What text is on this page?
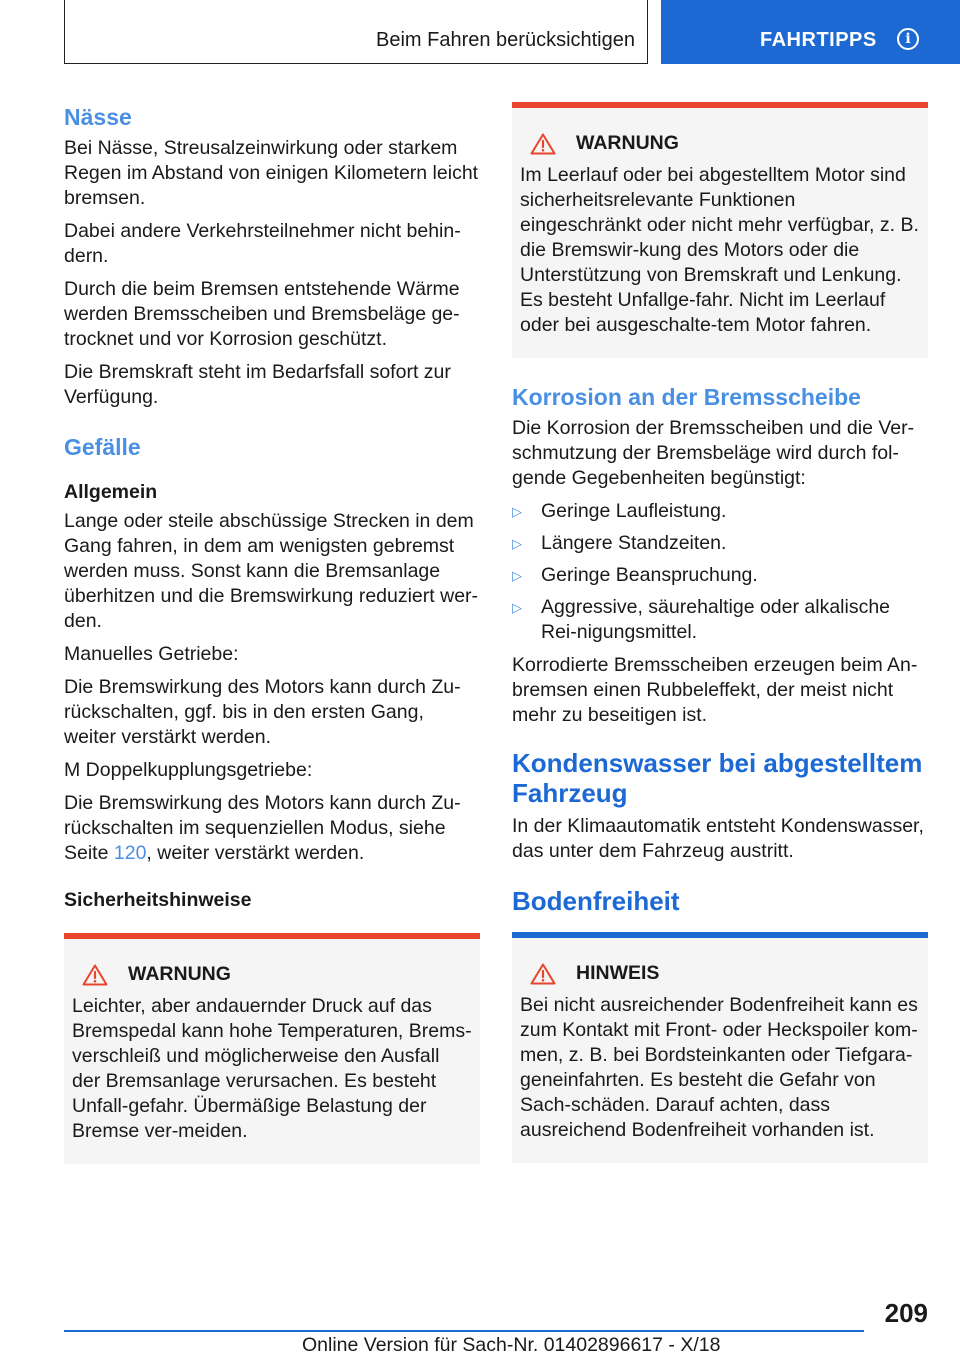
Beim Fahren berücksichtigen	FAHRTIPPS	i
Nässe

Bei Nässe, Streusalzeinwirkung oder starkem Regen im Abstand von einigen Kilometern leicht bremsen.

Dabei andere Verkehrsteilnehmer nicht behin-dern.

Durch die beim Bremsen entstehende Wärme werden Bremsscheiben und Bremsbeläge ge-trocknet und vor Korrosion geschützt.

Die Bremskraft steht im Bedarfsfall sofort zur Verfügung.

Gefälle
Allgemein

Lange oder steile abschüssige Strecken in dem Gang fahren, in dem am wenigsten gebremst werden muss. Sonst kann die Bremsanlage überhitzen und die Bremswirkung reduziert wer-den.

Manuelles Getriebe:

Die Bremswirkung des Motors kann durch Zu-rückschalten, ggf. bis in den ersten Gang, weiter verstärkt werden.

M Doppelkupplungsgetriebe:

Die Bremswirkung des Motors kann durch Zu-rückschalten im sequenziellen Modus, siehe Seite 120, weiter verstärkt werden.

Sicherheitshinweise
WARNUNG

Leichter, aber andauernder Druck auf das Bremspedal kann hohe Temperaturen, Brems-verschleiß und möglicherweise den Ausfall der Bremsanlage verursachen. Es besteht Unfall-gefahr. Übermäßige Belastung der Bremse ver-meiden.

WARNUNG

Im Leerlauf oder bei abgestelltem Motor sind sicherheitsrelevante Funktionen eingeschränkt oder nicht mehr verfügbar, z. B. die Bremswir-kung des Motors oder die Unterstützung von Bremskraft und Lenkung. Es besteht Unfallge-fahr. Nicht im Leerlauf oder bei ausgeschalte-tem Motor fahren.

Korrosion an der Bremsscheibe

Die Korrosion der Bremsscheiben und die Ver-schmutzung der Bremsbeläge wird durch fol-gende Gegebenheiten begünstigt:

▷ Geringe Laufleistung.
▷ Längere Standzeiten.
▷ Geringe Beanspruchung.
▷ Aggressive, säurehaltige oder alkalische Rei-nigungsmittel.

Korrodierte Bremsscheiben erzeugen beim An-bremsen einen Rubbeleffekt, der meist nicht mehr zu beseitigen ist.

Kondenswasser bei abgestelltem Fahrzeug

In der Klimaautomatik entsteht Kondenswasser, das unter dem Fahrzeug austritt.

Bodenfreiheit
HINWEIS

Bei nicht ausreichender Bodenfreiheit kann es zum Kontakt mit Front- oder Heckspoiler kom-men, z. B. bei Bordsteinkanten oder Tiefgara-geneinfahrten. Es besteht die Gefahr von Sach-schäden. Darauf achten, dass ausreichend Bodenfreiheit vorhanden ist.

209
Online Version für Sach-Nr. 01402896617 - X/18
